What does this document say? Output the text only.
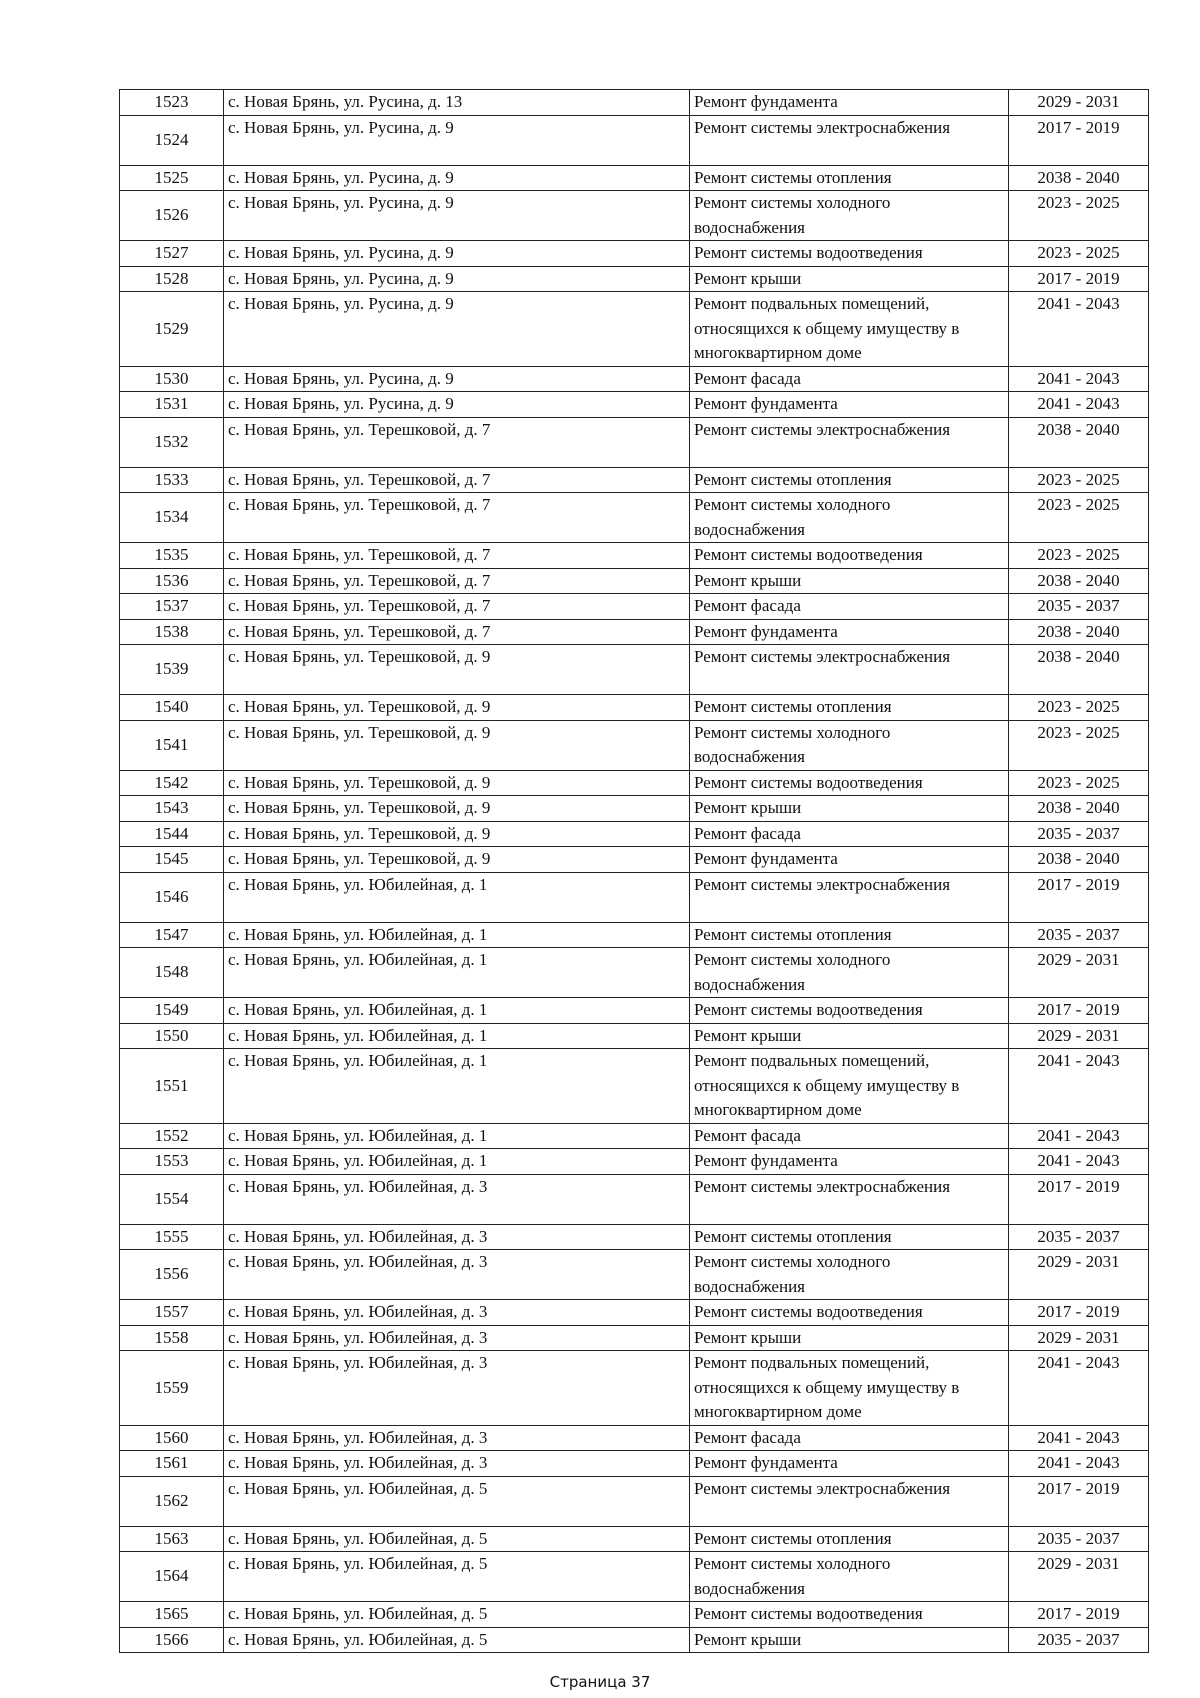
1523	с. Новая Брянь, ул. Русина, д. 13	Ремонт фундамента	2029 - 2031
1524	с. Новая Брянь, ул. Русина, д. 9	Ремонт системы электроснабжения	2017 - 2019
1525	с. Новая Брянь, ул. Русина, д. 9	Ремонт системы отопления	2038 - 2040
1526	с. Новая Брянь, ул. Русина, д. 9	Ремонт системы холодного водоснабжения	2023 - 2025
1527	с. Новая Брянь, ул. Русина, д. 9	Ремонт системы водоотведения	2023 - 2025
1528	с. Новая Брянь, ул. Русина, д. 9	Ремонт крыши	2017 - 2019
1529	с. Новая Брянь, ул. Русина, д. 9	Ремонт подвальных помещений, относящихся к общему имуществу в многоквартирном доме	2041 - 2043
1530	с. Новая Брянь, ул. Русина, д. 9	Ремонт фасада	2041 - 2043
1531	с. Новая Брянь, ул. Русина, д. 9	Ремонт фундамента	2041 - 2043
1532	с. Новая Брянь, ул. Терешковой, д. 7	Ремонт системы электроснабжения	2038 - 2040
1533	с. Новая Брянь, ул. Терешковой, д. 7	Ремонт системы отопления	2023 - 2025
1534	с. Новая Брянь, ул. Терешковой, д. 7	Ремонт системы холодного водоснабжения	2023 - 2025
1535	с. Новая Брянь, ул. Терешковой, д. 7	Ремонт системы водоотведения	2023 - 2025
1536	с. Новая Брянь, ул. Терешковой, д. 7	Ремонт крыши	2038 - 2040
1537	с. Новая Брянь, ул. Терешковой, д. 7	Ремонт фасада	2035 - 2037
1538	с. Новая Брянь, ул. Терешковой, д. 7	Ремонт фундамента	2038 - 2040
1539	с. Новая Брянь, ул. Терешковой, д. 9	Ремонт системы электроснабжения	2038 - 2040
1540	с. Новая Брянь, ул. Терешковой, д. 9	Ремонт системы отопления	2023 - 2025
1541	с. Новая Брянь, ул. Терешковой, д. 9	Ремонт системы холодного водоснабжения	2023 - 2025
1542	с. Новая Брянь, ул. Терешковой, д. 9	Ремонт системы водоотведения	2023 - 2025
1543	с. Новая Брянь, ул. Терешковой, д. 9	Ремонт крыши	2038 - 2040
1544	с. Новая Брянь, ул. Терешковой, д. 9	Ремонт фасада	2035 - 2037
1545	с. Новая Брянь, ул. Терешковой, д. 9	Ремонт фундамента	2038 - 2040
1546	с. Новая Брянь, ул. Юбилейная, д. 1	Ремонт системы электроснабжения	2017 - 2019
1547	с. Новая Брянь, ул. Юбилейная, д. 1	Ремонт системы отопления	2035 - 2037
1548	с. Новая Брянь, ул. Юбилейная, д. 1	Ремонт системы холодного водоснабжения	2029 - 2031
1549	с. Новая Брянь, ул. Юбилейная, д. 1	Ремонт системы водоотведения	2017 - 2019
1550	с. Новая Брянь, ул. Юбилейная, д. 1	Ремонт крыши	2029 - 2031
1551	с. Новая Брянь, ул. Юбилейная, д. 1	Ремонт подвальных помещений, относящихся к общему имуществу в многоквартирном доме	2041 - 2043
1552	с. Новая Брянь, ул. Юбилейная, д. 1	Ремонт фасада	2041 - 2043
1553	с. Новая Брянь, ул. Юбилейная, д. 1	Ремонт фундамента	2041 - 2043
1554	с. Новая Брянь, ул. Юбилейная, д. 3	Ремонт системы электроснабжения	2017 - 2019
1555	с. Новая Брянь, ул. Юбилейная, д. 3	Ремонт системы отопления	2035 - 2037
1556	с. Новая Брянь, ул. Юбилейная, д. 3	Ремонт системы холодного водоснабжения	2029 - 2031
1557	с. Новая Брянь, ул. Юбилейная, д. 3	Ремонт системы водоотведения	2017 - 2019
1558	с. Новая Брянь, ул. Юбилейная, д. 3	Ремонт крыши	2029 - 2031
1559	с. Новая Брянь, ул. Юбилейная, д. 3	Ремонт подвальных помещений, относящихся к общему имуществу в многоквартирном доме	2041 - 2043
1560	с. Новая Брянь, ул. Юбилейная, д. 3	Ремонт фасада	2041 - 2043
1561	с. Новая Брянь, ул. Юбилейная, д. 3	Ремонт фундамента	2041 - 2043
1562	с. Новая Брянь, ул. Юбилейная, д. 5	Ремонт системы электроснабжения	2017 - 2019
1563	с. Новая Брянь, ул. Юбилейная, д. 5	Ремонт системы отопления	2035 - 2037
1564	с. Новая Брянь, ул. Юбилейная, д. 5	Ремонт системы холодного водоснабжения	2029 - 2031
1565	с. Новая Брянь, ул. Юбилейная, д. 5	Ремонт системы водоотведения	2017 - 2019
1566	с. Новая Брянь, ул. Юбилейная, д. 5	Ремонт крыши	2035 - 2037
Страница 37
